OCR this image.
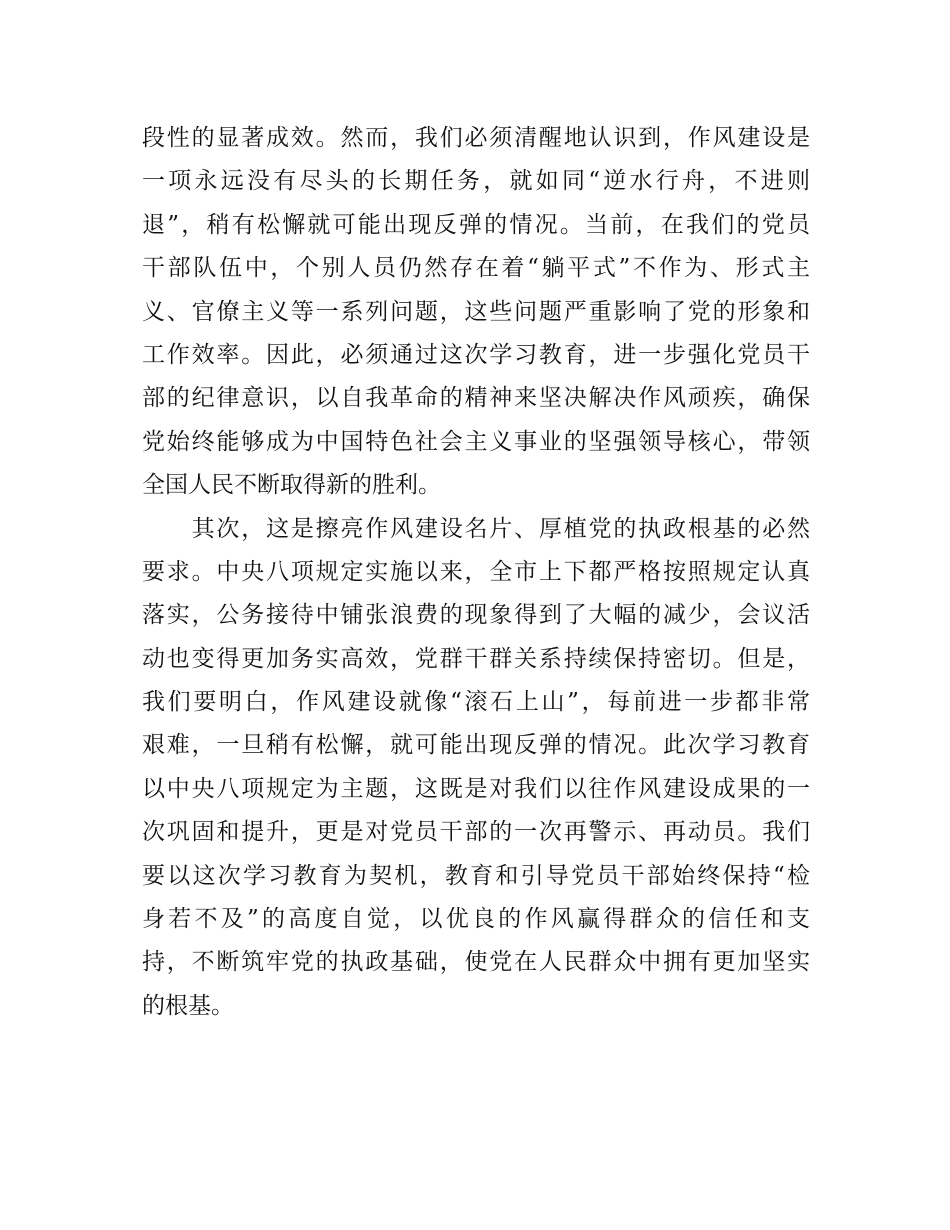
段性的显著成效。然而，我们必须清醒地认识到，作风建设是
一项永远没有尽头的长期任务，就如同“逆水行舟，不进则
退”，稍有松懈就可能出现反弹的情况。当前，在我们的党员
干部队伍中，个别人员仍然存在着“躺平式”不作为、形式主
义、官僚主义等一系列问题，这些问题严重影响了党的形象和
工作效率。因此，必须通过这次学习教育，进一步强化党员干
部的纪律意识，以自我革命的精神来坚决解决作风顽疾，确保
党始终能够成为中国特色社会主义事业的坚强领导核心，带领
全国人民不断取得新的胜利。
　　其次，这是擦亮作风建设名片、厚植党的执政根基的必然
要求。中央八项规定实施以来，全市上下都严格按照规定认真
落实，公务接待中铺张浪费的现象得到了大幅的减少，会议活
动也变得更加务实高效，党群干群关系持续保持密切。但是，
我们要明白，作风建设就像“滚石上山”，每前进一步都非常
艰难，一旦稍有松懈，就可能出现反弹的情况。此次学习教育
以中央八项规定为主题，这既是对我们以往作风建设成果的一
次巩固和提升，更是对党员干部的一次再警示、再动员。我们
要以这次学习教育为契机，教育和引导党员干部始终保持“检
身若不及”的高度自觉，以优良的作风赢得群众的信任和支
持，不断筑牢党的执政基础，使党在人民群众中拥有更加坚实
的根基。
